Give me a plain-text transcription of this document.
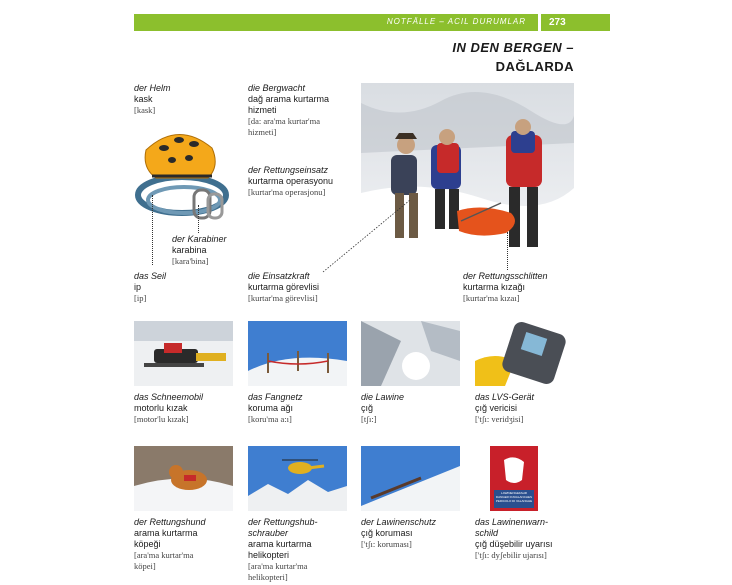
NOTFÄLLE – ACIL DURUMLAR	273
IN DEN BERGEN –
DAĞLARDA
der Helm
kask
[kask]
die Bergwacht
dağ arama kurtarma
hizmeti
[da: ara'ma kurtar'ma
hizmeti]
der Rettungseinsatz
kurtarma operasyonu
[kurtar'ma operasjonu]
der Karabiner
karabina
[kara'bina]
das Seil
ip
[ip]
die Einsatzkraft
kurtarma görevlisi
[kurtar'ma görevlisi]
der Rettungsschlitten
kurtarma kızağı
[kurtar'ma kızaı]
das Schneemobil
motorlu kızak
[motor'lu kızak]
das Fangnetz
koruma ağı
[koru'ma a:ı]
die Lawine
çığ
[tʃı:]
das LVS-Gerät
çığ vericisi
['tʃı: veridʒisi]
LAWINENGEFAHR
DANGER D'AVALANCHES
PERICOLO DI VALANGHE
der Rettungshund
arama kurtarma
köpeği
[ara'ma kurtar'ma
köpei]
der Rettungshub-
schrauber
arama kurtarma
helikopteri
[ara'ma kurtar'ma
helikopteri]
der Lawinenschutz
çığ koruması
['tʃı: koruması]
das Lawinenwarn-
schild
çığ düşebilir uyarısı
['tʃı: dyʃebilir ujarısı]
